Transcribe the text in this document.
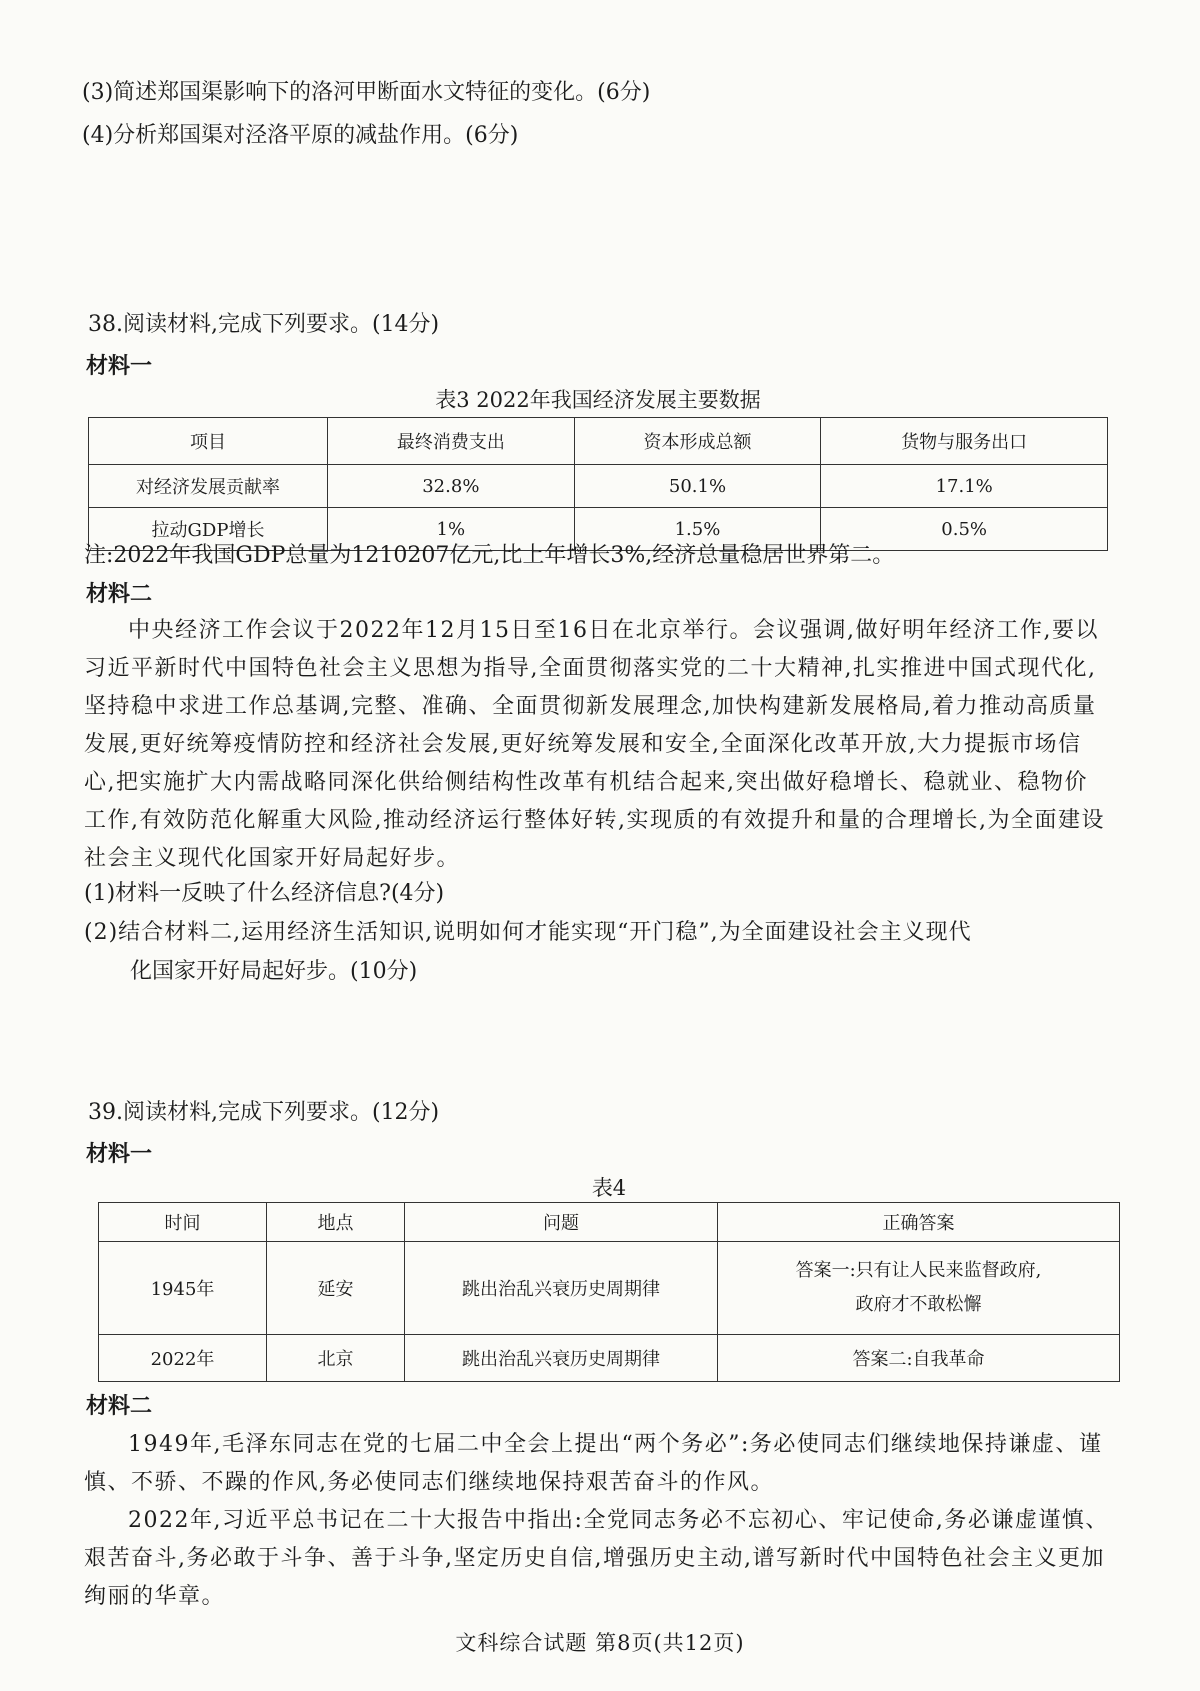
(3)简述郑国渠影响下的洛河甲断面水文特征的变化。(6分)
(4)分析郑国渠对泾洛平原的减盐作用。(6分)
38.阅读材料,完成下列要求。(14分)
材料一
表3 2022年我国经济发展主要数据
项目	最终消费支出	资本形成总额	货物与服务出口
对经济发展贡献率	32.8%	50.1%	17.1%
拉动GDP增长	1%	1.5%	0.5%
注:2022年我国GDP总量为1210207亿元,比上年增长3%,经济总量稳居世界第二。
材料二

中央经济工作会议于2022年12月15日至16日在北京举行。会议强调,做好明年经济工作,要以习近平新时代中国特色社会主义思想为指导,全面贯彻落实党的二十大精神,扎实推进中国式现代化,坚持稳中求进工作总基调,完整、准确、全面贯彻新发展理念,加快构建新发展格局,着力推动高质量发展,更好统筹疫情防控和经济社会发展,更好统筹发展和安全,全面深化改革开放,大力提振市场信心,把实施扩大内需战略同深化供给侧结构性改革有机结合起来,突出做好稳增长、稳就业、稳物价工作,有效防范化解重大风险,推动经济运行整体好转,实现质的有效提升和量的合理增长,为全面建设社会主义现代化国家开好局起好步。

(1)材料一反映了什么经济信息?(4分)
(2)结合材料二,运用经济生活知识,说明如何才能实现“开门稳”,为全面建设社会主义现代
化国家开好局起好步。(10分)
39.阅读材料,完成下列要求。(12分)
材料一
表4
时间	地点	问题	正确答案
1945年	延安	跳出治乱兴衰历史周期律	答案一:只有让人民来监督政府,
政府才不敢松懈

2022年	北京	跳出治乱兴衰历史周期律	答案二:自我革命
材料二

1949年,毛泽东同志在党的七届二中全会上提出“两个务必”:务必使同志们继续地保持谦虚、谨慎、不骄、不躁的作风,务必使同志们继续地保持艰苦奋斗的作风。

2022年,习近平总书记在二十大报告中指出:全党同志务必不忘初心、牢记使命,务必谦虚谨慎、艰苦奋斗,务必敢于斗争、善于斗争,坚定历史自信,增强历史主动,谱写新时代中国特色社会主义更加绚丽的华章。

文科综合试题 第8页(共12页)
